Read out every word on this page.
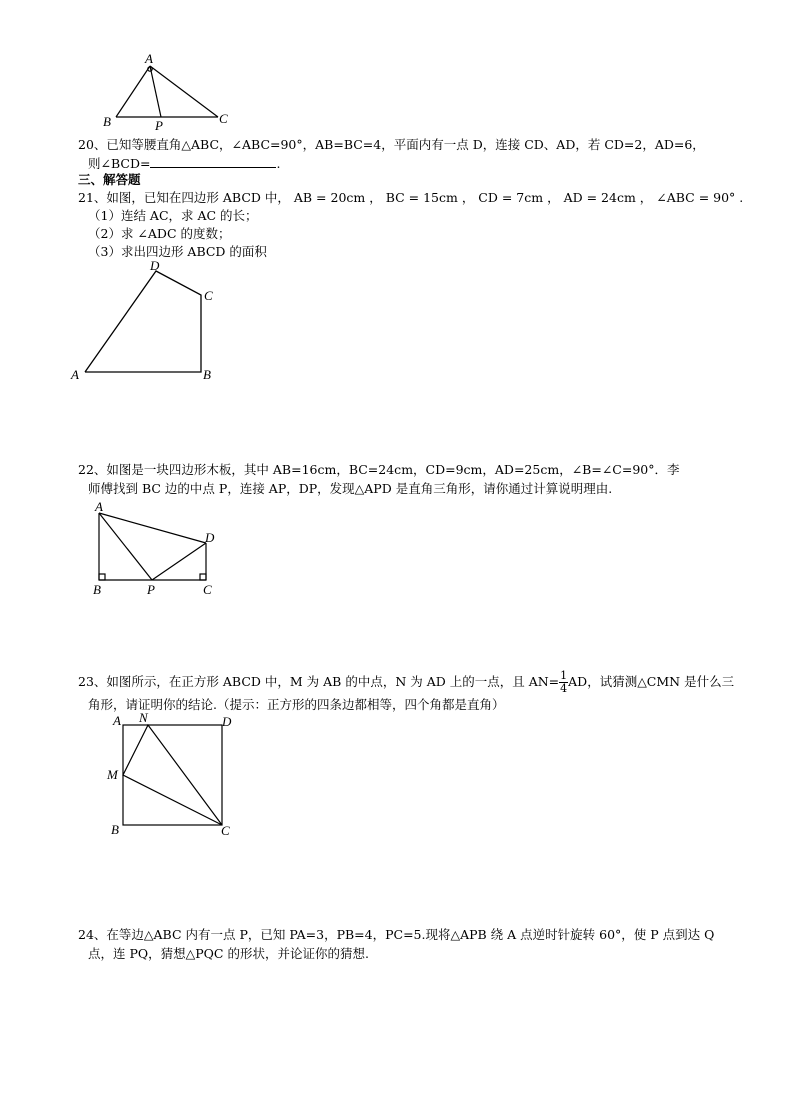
A
B	P	C
A	B
C
D
A
D
B	P	C
A N	D
M
B	C
20、已知等腰直角△ABC，∠ABC=90°，AB=BC=4，平面内有一点 D，连接 CD、AD，若 CD=2，AD=6，
则∠BCD=	.
三、解答题
21、如图，已知在四边形 ABCD 中， AB = 20cm ， BC = 15cm ， CD = 7cm ， AD = 24cm ， ∠ABC = 90° .
（1）连结 AC，求 AC 的长；
（2）求 ∠ADC 的度数；
（3）求出四边形 ABCD 的面积
22、如图是一块四边形木板，其中 AB=16cm，BC=24cm，CD=9cm，AD=25cm，∠B=∠C=90°．李
师傅找到 BC 边的中点 P，连接 AP，DP，发现△APD 是直角三角形，请你通过计算说明理由.
23、如图所示，在正方形 ABCD 中，M 为 AB 的中点，N 为 AD 上的一点，且 $AN= \frac{1}{4}$ AD，试猜测△CMN 是什么三
角形，请证明你的结论.（提示：正方形的四条边都相等，四个角都是直角）
24、在等边△ABC 内有一点 P，已知 PA=3，PB=4，PC=5.现将△APB 绕 A 点逆时针旋转 60°，使 P 点到达 Q
点，连 PQ，猜想△PQC 的形状，并论证你的猜想.
